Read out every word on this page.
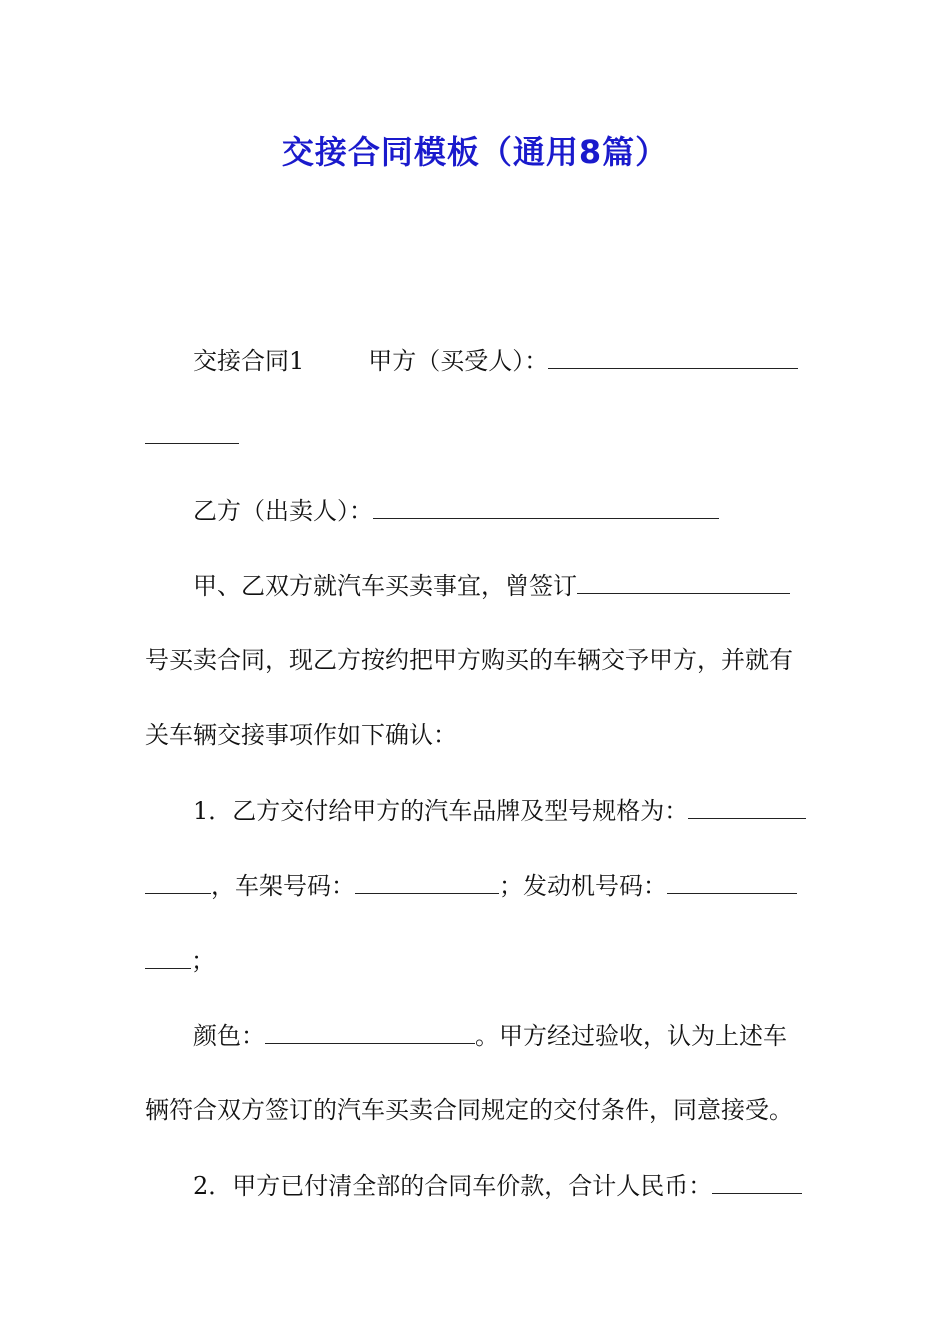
交接合同模板（通用8篇）
交接合同1	甲方（买受人）：
乙方（出卖人）：
甲、乙双方就汽车买卖事宜，曾签订
号买卖合同，现乙方按约把甲方购买的车辆交予甲方，并就有
关车辆交接事项作如下确认：
1．乙方交付给甲方的汽车品牌及型号规格为：
，车架号码：	；发动机号码：
；
颜色：	。甲方经过验收，认为上述车
辆符合双方签订的汽车买卖合同规定的交付条件，同意接受。
2．甲方已付清全部的合同车价款，合计人民币：
